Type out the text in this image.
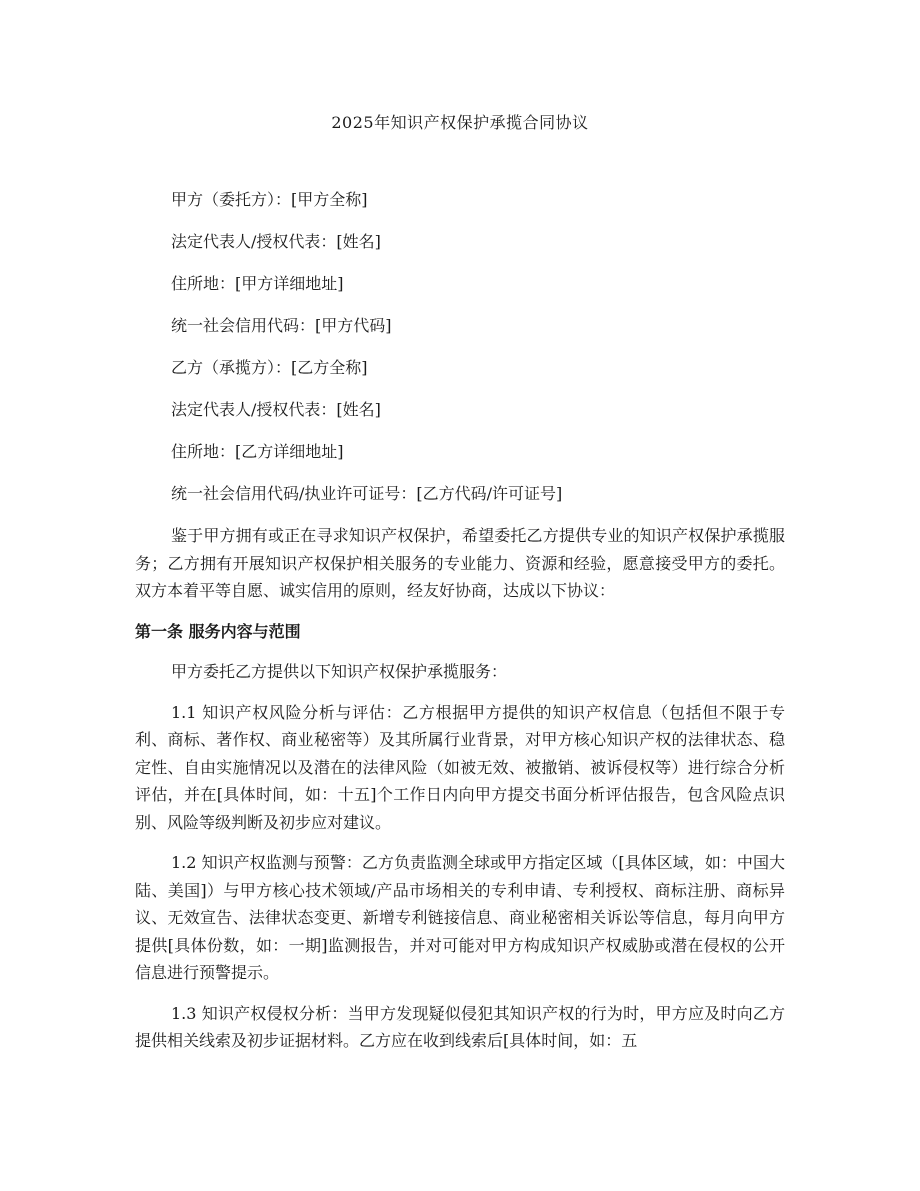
2025年知识产权保护承揽合同协议
甲方（委托方）：[甲方全称]
法定代表人/授权代表：[姓名]
住所地：[甲方详细地址]
统一社会信用代码：[甲方代码]
乙方（承揽方）：[乙方全称]
法定代表人/授权代表：[姓名]
住所地：[乙方详细地址]
统一社会信用代码/执业许可证号：[乙方代码/许可证号]

鉴于甲方拥有或正在寻求知识产权保护，希望委托乙方提供专业的知识产权保护承揽服务；乙方拥有开展知识产权保护相关服务的专业能力、资源和经验，愿意接受甲方的委托。双方本着平等自愿、诚实信用的原则，经友好协商，达成以下协议：

第一条 服务内容与范围

甲方委托乙方提供以下知识产权保护承揽服务：

1.1 知识产权风险分析与评估：乙方根据甲方提供的知识产权信息（包括但不限于专利、商标、著作权、商业秘密等）及其所属行业背景，对甲方核心知识产权的法律状态、稳定性、自由实施情况以及潜在的法律风险（如被无效、被撤销、被诉侵权等）进行综合分析评估，并在[具体时间，如：十五]个工作日内向甲方提交书面分析评估报告，包含风险点识别、风险等级判断及初步应对建议。

1.2 知识产权监测与预警：乙方负责监测全球或甲方指定区域（[具体区域，如：中国大陆、美国]）与甲方核心技术领域/产品市场相关的专利申请、专利授权、商标注册、商标异议、无效宣告、法律状态变更、新增专利链接信息、商业秘密相关诉讼等信息，每月向甲方提供[具体份数，如：一期]监测报告，并对可能对甲方构成知识产权威胁或潜在侵权的公开信息进行预警提示。

1.3 知识产权侵权分析：当甲方发现疑似侵犯其知识产权的行为时，甲方应及时向乙方提供相关线索及初步证据材料。乙方应在收到线索后[具体时间，如：五
